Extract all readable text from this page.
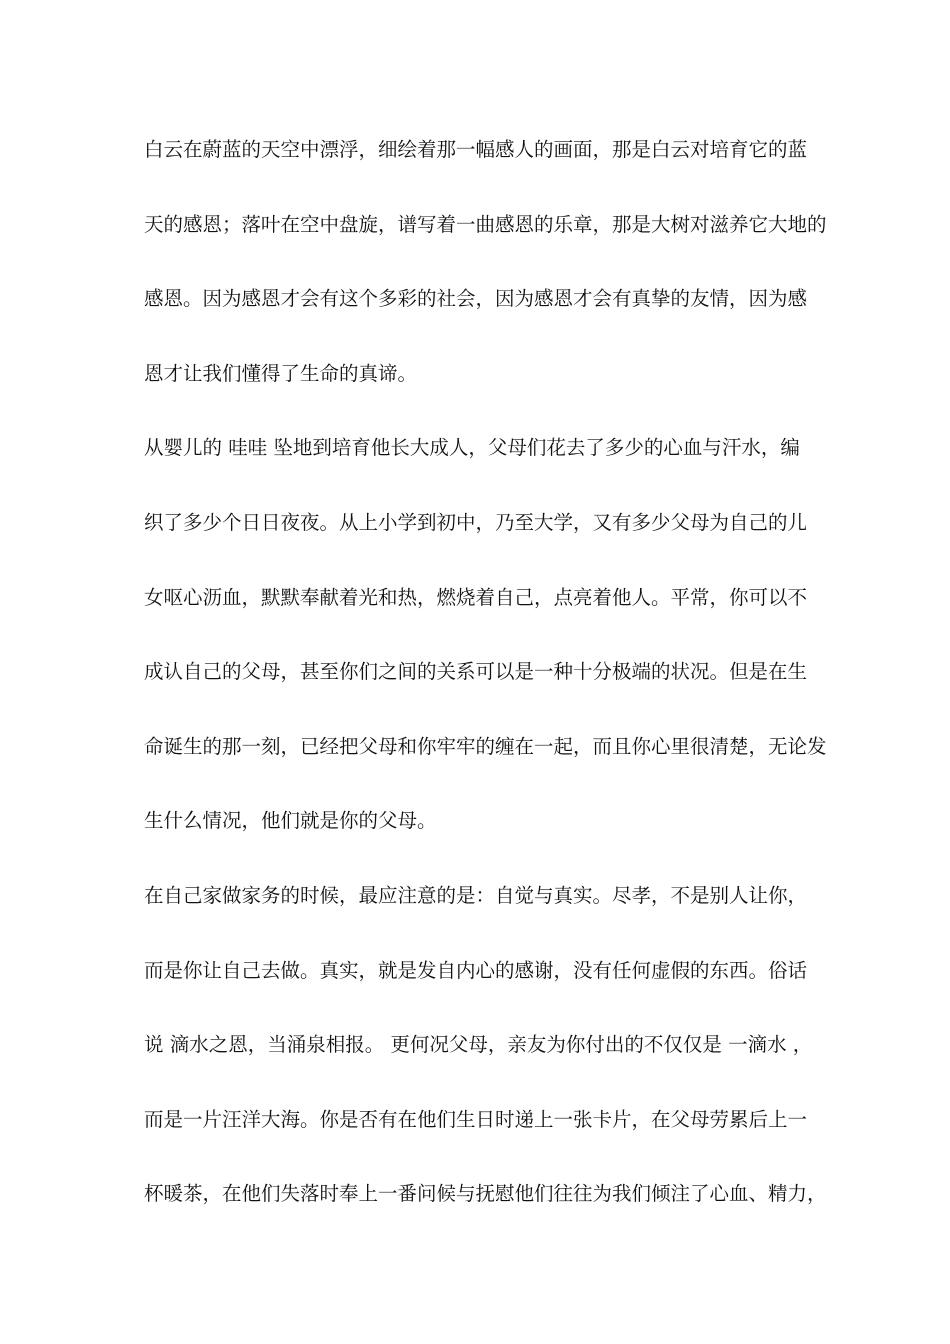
白云在蔚蓝的天空中漂浮，细绘着那一幅感人的画面，那是白云对培育它的蓝
天的感恩；落叶在空中盘旋，谱写着一曲感恩的乐章，那是大树对滋养它大地的
感恩。因为感恩才会有这个多彩的社会，因为感恩才会有真挚的友情，因为感
恩才让我们懂得了生命的真谛。
从婴儿的 哇哇 坠地到培育他长大成人，父母们花去了多少的心血与汗水，编
织了多少个日日夜夜。从上小学到初中，乃至大学，又有多少父母为自己的儿
女呕心沥血，默默奉献着光和热，燃烧着自己，点亮着他人。平常，你可以不
成认自己的父母，甚至你们之间的关系可以是一种十分极端的状况。但是在生
命诞生的那一刻，已经把父母和你牢牢的缠在一起，而且你心里很清楚，无论发
生什么情况，他们就是你的父母。
在自己家做家务的时候，最应注意的是：自觉与真实。尽孝，不是别人让你，
而是你让自己去做。真实，就是发自内心的感谢，没有任何虚假的东西。俗话
说 滴水之恩，当涌泉相报。 更何况父母，亲友为你付出的不仅仅是 一滴水 ，
而是一片汪洋大海。你是否有在他们生日时递上一张卡片，在父母劳累后上一
杯暖茶，在他们失落时奉上一番问候与抚慰他们往往为我们倾注了心血、精力，
